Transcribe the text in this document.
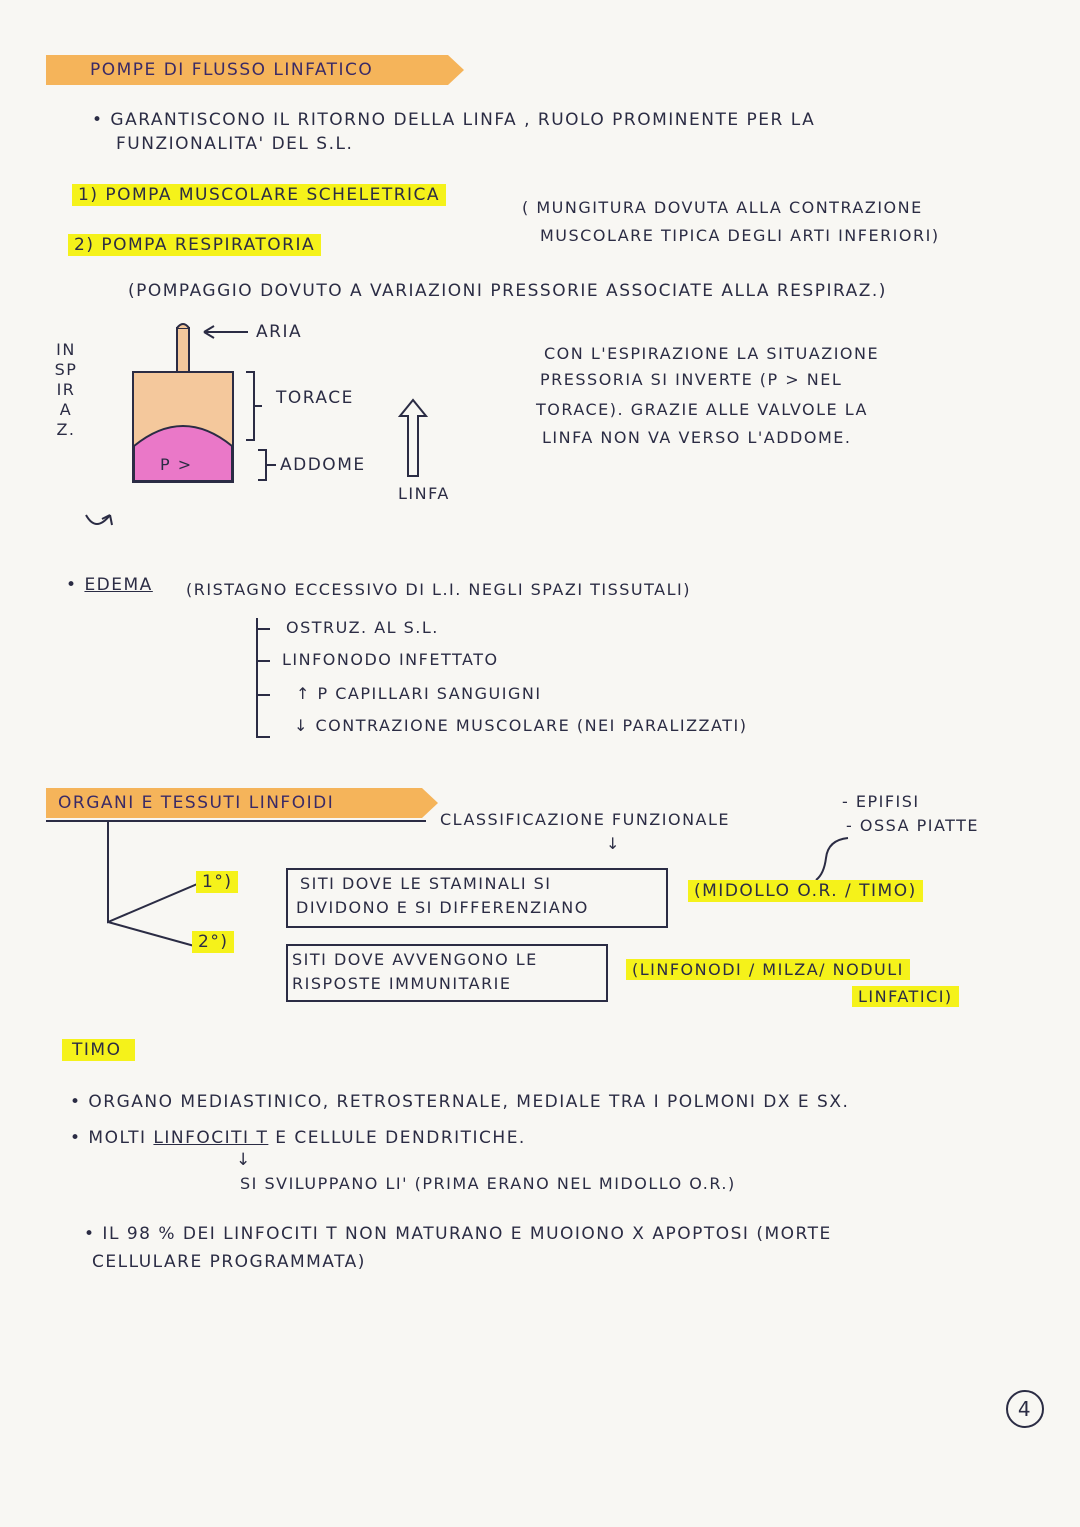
POMPE DI FLUSSO LINFATICO
• GARANTISCONO IL RITORNO DELLA LINFA , RUOLO PROMINENTE PER LA
FUNZIONALITA' DEL S.L.
1) POMPA MUSCOLARE SCHELETRICA
( MUNGITURA DOVUTA ALLA CONTRAZIONE
MUSCOLARE TIPICA DEGLI ARTI INFERIORI)
2) POMPA RESPIRATORIA
(POMPAGGIO DOVUTO A VARIAZIONI PRESSORIE ASSOCIATE ALLA RESPIRAZ.)
INSPIRAZ.
P >
ARIA
TORACE
ADDOME
LINFA
CON L'ESPIRAZIONE LA SITUAZIONE
PRESSORIA SI INVERTE (P > NEL
TORACE). GRAZIE ALLE VALVOLE LA
LINFA NON VA VERSO L'ADDOME.
• EDEMA (RISTAGNO ECCESSIVO DI L.I. NEGLI SPAZI TISSUTALI)
OSTRUZ. AL S.L.
LINFONODO INFETTATO
↑ P CAPILLARI SANGUIGNI
↓ CONTRAZIONE MUSCOLARE (NEI PARALIZZATI)
ORGANI E TESSUTI LINFOIDI
CLASSIFICAZIONE FUNZIONALE
↓
- EPIFISI
- OSSA PIATTE
1°)	SITI DOVE LE STAMINALI SI
DIVIDONO E SI DIFFERENZIANO
(MIDOLLO O.R. / TIMO)
2°)
SITI DOVE AVVENGONO LE
RISPOSTE IMMUNITARIE
(LINFONODI / MILZA/ NODULI
LINFATICI)
TIMO
• ORGANO MEDIASTINICO, RETROSTERNALE, MEDIALE TRA I POLMONI DX E SX.
• MOLTI LINFOCITI T E CELLULE DENDRITICHE.
↓
SI SVILUPPANO LI' (PRIMA ERANO NEL MIDOLLO O.R.)
• IL 98 % DEI LINFOCITI T NON MATURANO E MUOIONO X APOPTOSI (MORTE
CELLULARE PROGRAMMATA)
4
